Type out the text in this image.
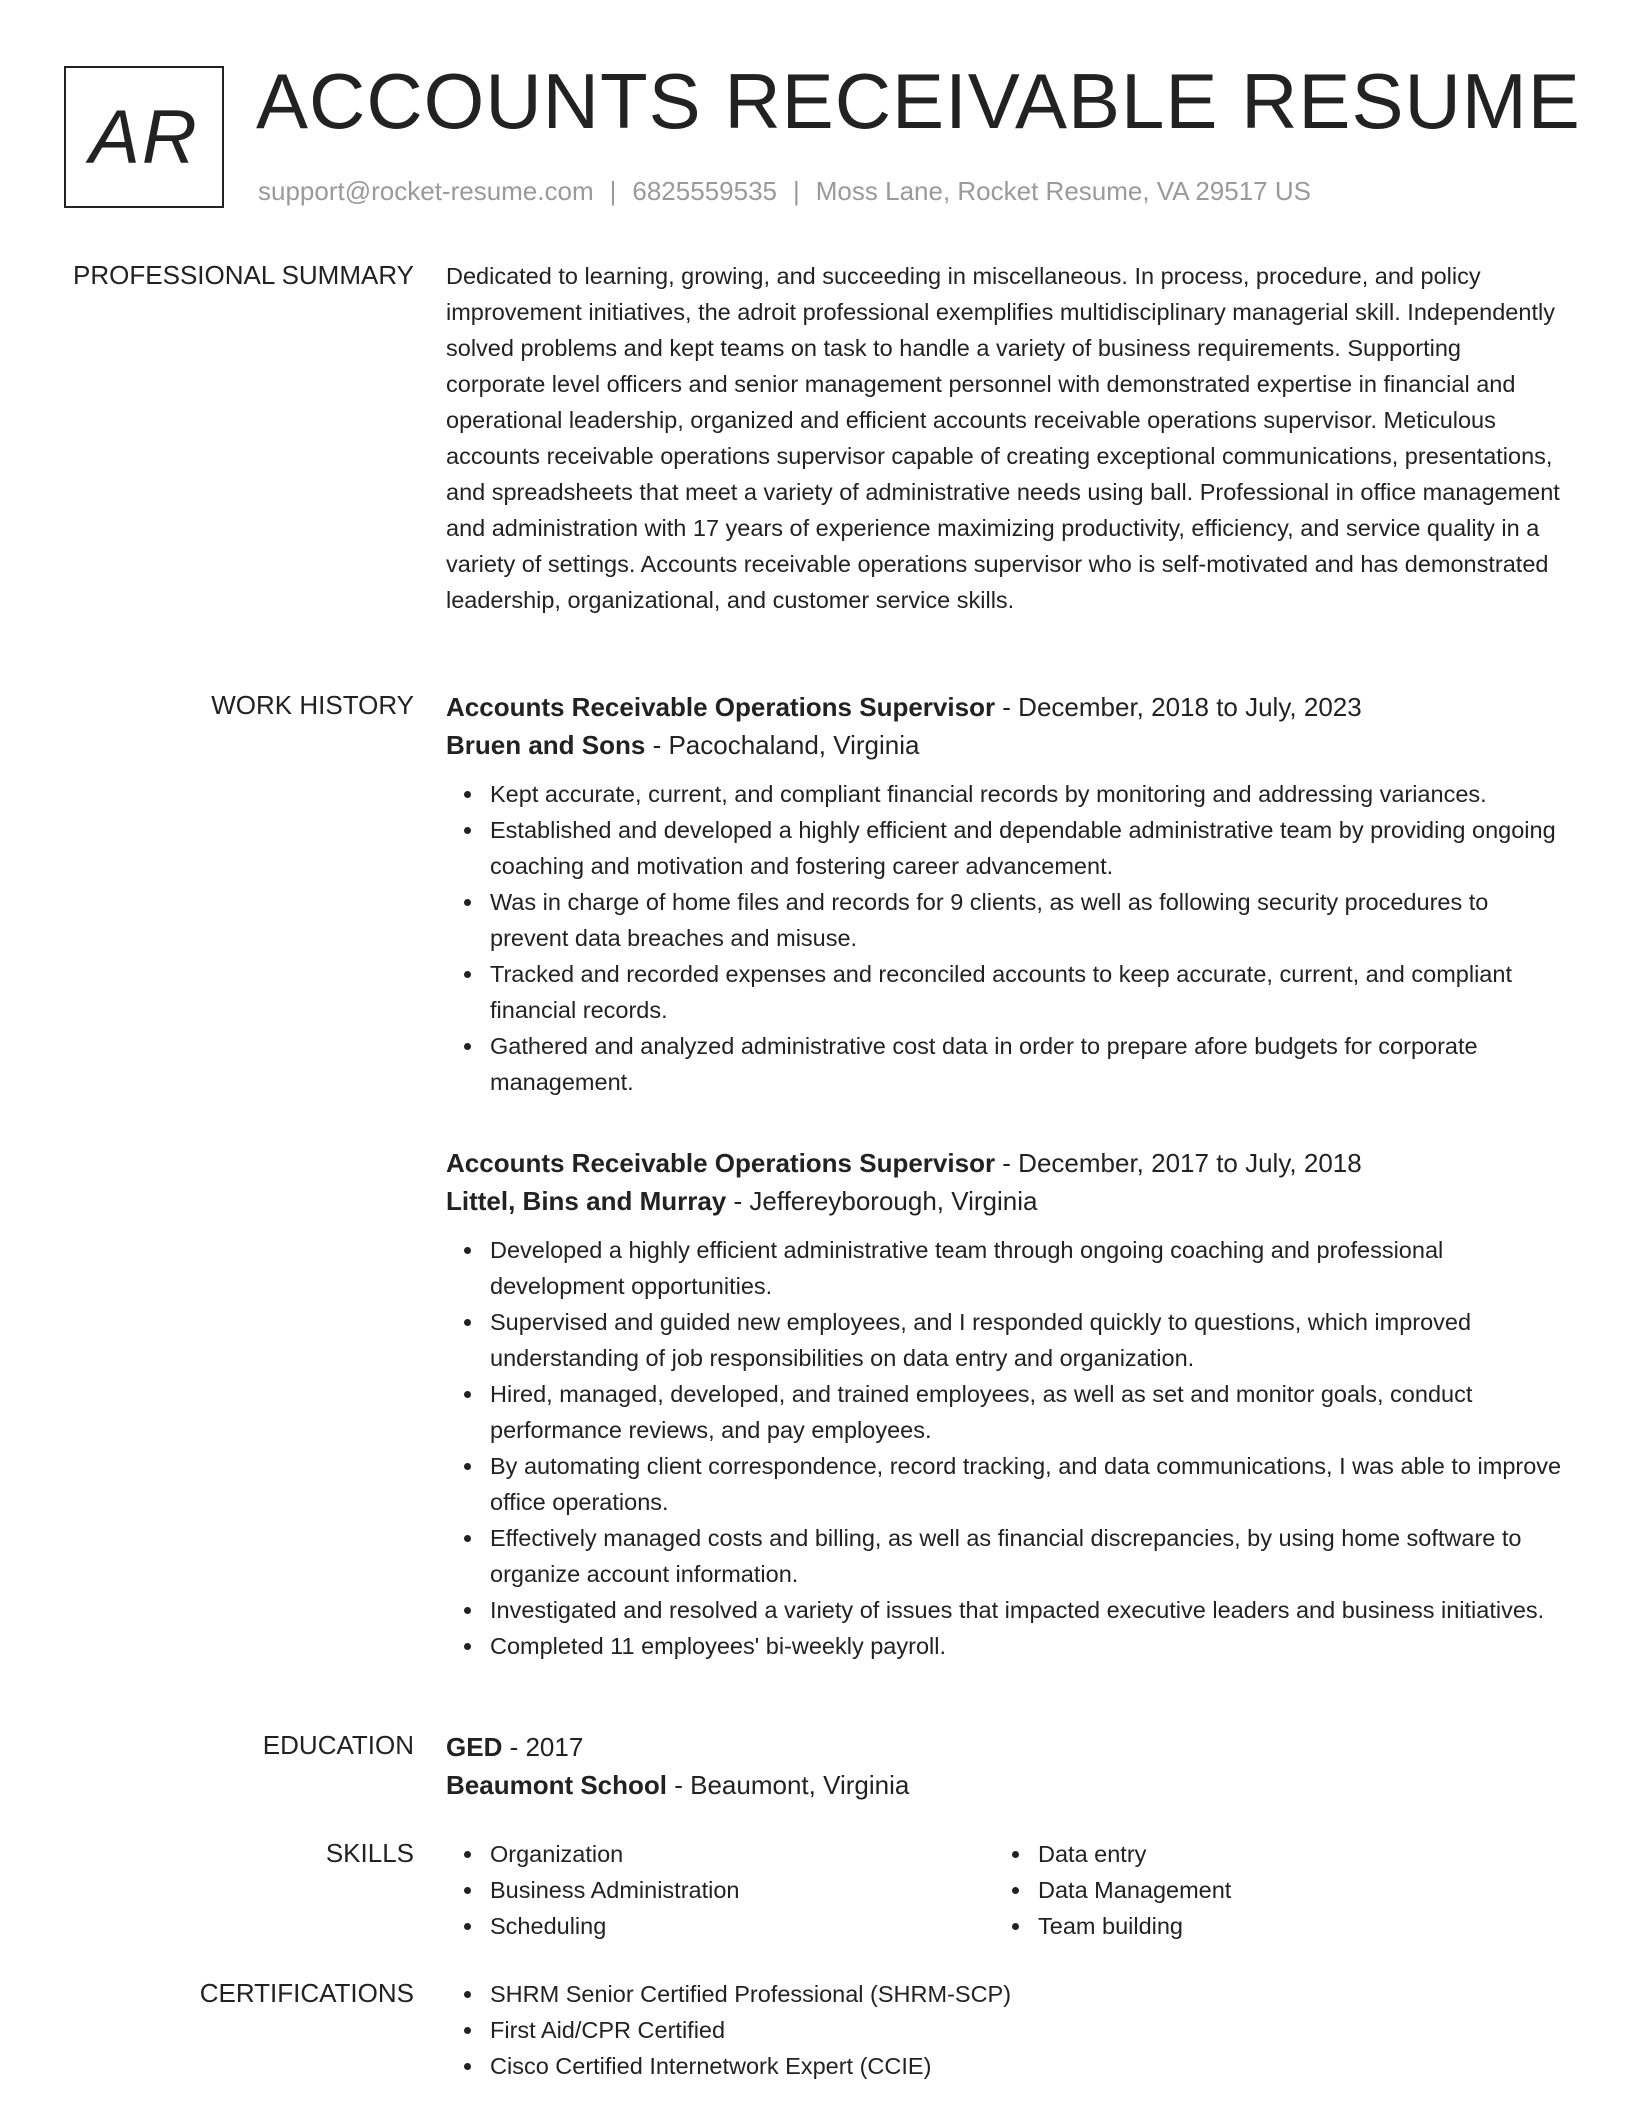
AR ACCOUNTS RECEIVABLE RESUME
support@rocket-resume.com | 6825559535 | Moss Lane, Rocket Resume, VA 29517 US
PROFESSIONAL SUMMARY Dedicated to learning, growing, and succeeding in miscellaneous. In process, procedure, and policy improvement initiatives, the adroit professional exemplifies multidisciplinary managerial skill. Independently solved problems and kept teams on task to handle a variety of business requirements. Supporting corporate level officers and senior management personnel with demonstrated expertise in financial and operational leadership, organized and efficient accounts receivable operations supervisor. Meticulous accounts receivable operations supervisor capable of creating exceptional communications, presentations, and spreadsheets that meet a variety of administrative needs using ball. Professional in office management and administration with 17 years of experience maximizing productivity, efficiency, and service quality in a variety of settings. Accounts receivable operations supervisor who is self-motivated and has demonstrated leadership, organizational, and customer service skills.

WORK HISTORY Accounts Receivable Operations Supervisor - December, 2018 to July, 2023
Bruen and Sons - Pacochaland, Virginia
Kept accurate, current, and compliant financial records by monitoring and addressing variances.
Established and developed a highly efficient and dependable administrative team by providing ongoing coaching and motivation and fostering career advancement.
Was in charge of home files and records for 9 clients, as well as following security procedures to prevent data breaches and misuse.
Tracked and recorded expenses and reconciled accounts to keep accurate, current, and compliant financial records.
Gathered and analyzed administrative cost data in order to prepare afore budgets for corporate management.
Accounts Receivable Operations Supervisor - December, 2017 to July, 2018
Littel, Bins and Murray - Jeffereyborough, Virginia
Developed a highly efficient administrative team through ongoing coaching and professional development opportunities.
Supervised and guided new employees, and I responded quickly to questions, which improved understanding of job responsibilities on data entry and organization.
Hired, managed, developed, and trained employees, as well as set and monitor goals, conduct performance reviews, and pay employees.
By automating client correspondence, record tracking, and data communications, I was able to improve office operations.
Effectively managed costs and billing, as well as financial discrepancies, by using home software to organize account information.
Investigated and resolved a variety of issues that impacted executive leaders and business initiatives.
Completed 11 employees' bi-weekly payroll.
EDUCATION GED - 2017
Beaumont School - Beaumont, Virginia
SKILLS	Organization
Business Administration
Scheduling
Data entry
Data Management
Team building
CERTIFICATIONS	SHRM Senior Certified Professional (SHRM-SCP)
First Aid/CPR Certified
Cisco Certified Internetwork Expert (CCIE)
